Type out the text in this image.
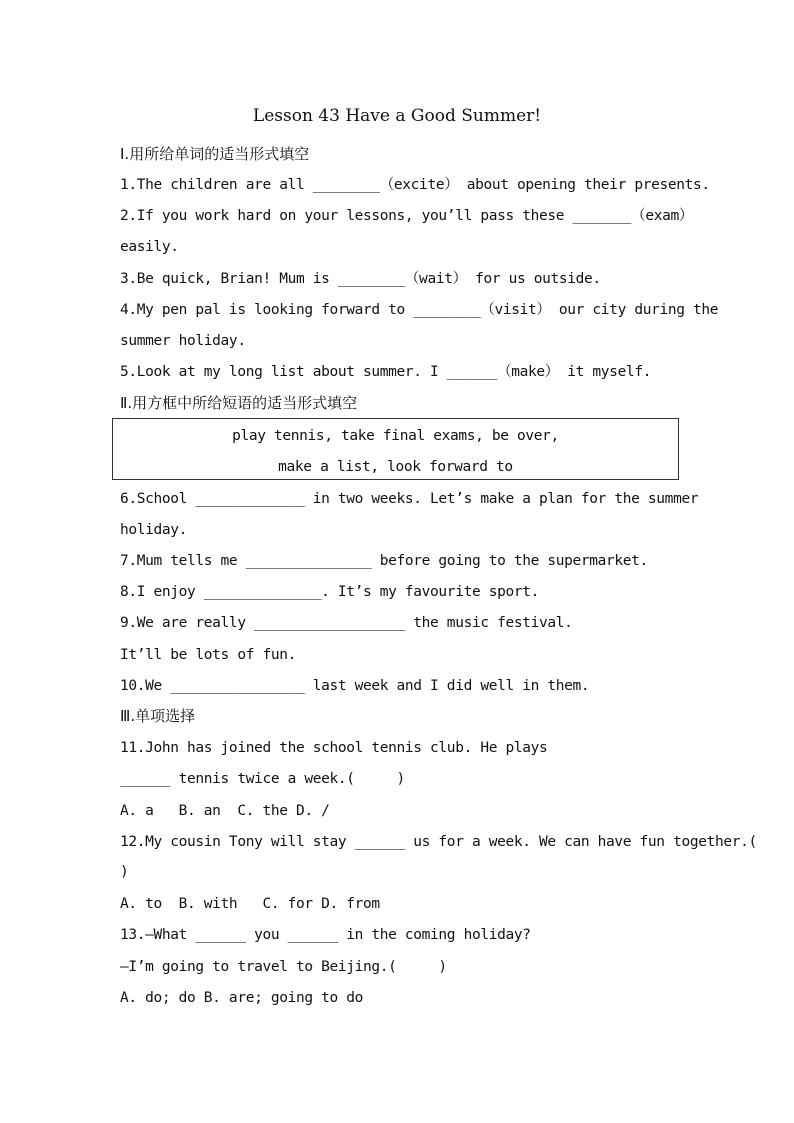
Lesson 43 Have a Good Summer!
Ⅰ.用所给单词的适当形式填空
1.The children are all ________（excite） about opening their presents.
2.If you work hard on your lessons, you’ll pass these _______（exam）
easily.
3.Be quick, Brian! Mum is ________（wait） for us outside.
4.My pen pal is looking forward to ________（visit） our city during the
summer holiday.
5.Look at my long list about summer. I ______（make） it myself.
Ⅱ.用方框中所给短语的适当形式填空
play tennis, take final exams, be over,
make a list, look forward to
6.School _____________ in two weeks. Let’s make a plan for the summer
holiday.
7.Mum tells me _______________ before going to the supermarket.
8.I enjoy ______________. It’s my favourite sport.
9.We are really __________________ the music festival.
It’ll be lots of fun.
10.We ________________ last week and I did well in them.
Ⅲ.单项选择
11.John has joined the school tennis club. He plays
______ tennis twice a week.(     )
A. a   B. an  C. the D. /
12.My cousin Tony will stay ______ us for a week. We can have fun together.(
)
A. to  B. with   C. for D. from
13.—What ______ you ______ in the coming holiday?
—I’m going to travel to Beijing.(     )
A. do; do B. are; going to do
